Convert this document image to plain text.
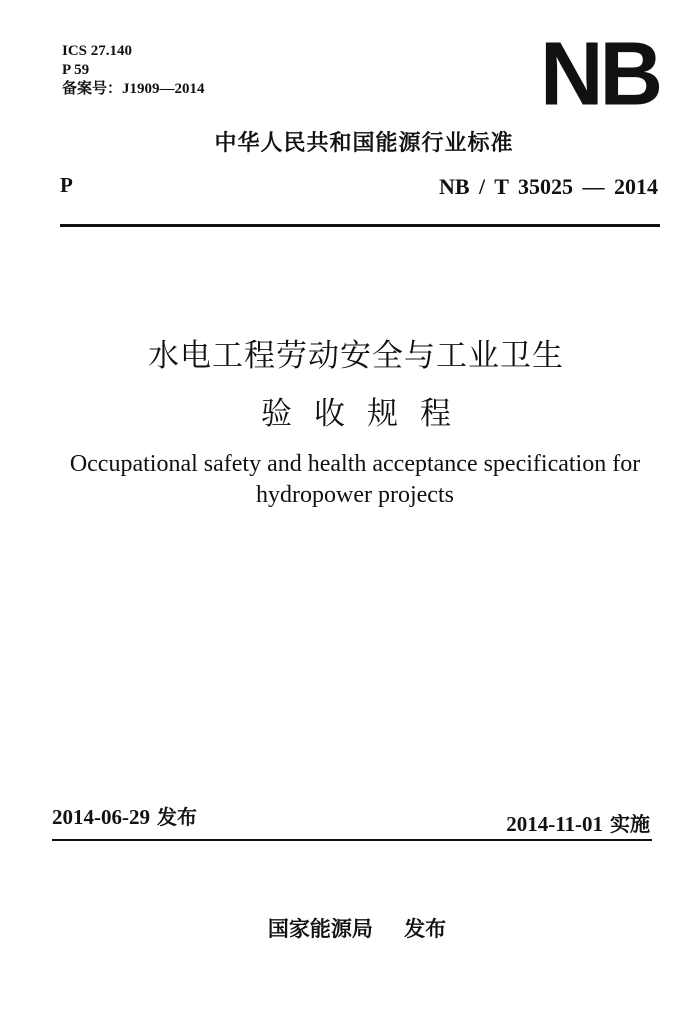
ICS 27.140
P 59
备案号：J1909—2014	NB
中华人民共和国能源行业标准
P	NB / T 35025 — 2014
水电工程劳动安全与工业卫生
验收规程
Occupational safety and health acceptance specification for
hydropower projects
2014-06-29 发布	2014-11-01 实施
国家能源局 发布
